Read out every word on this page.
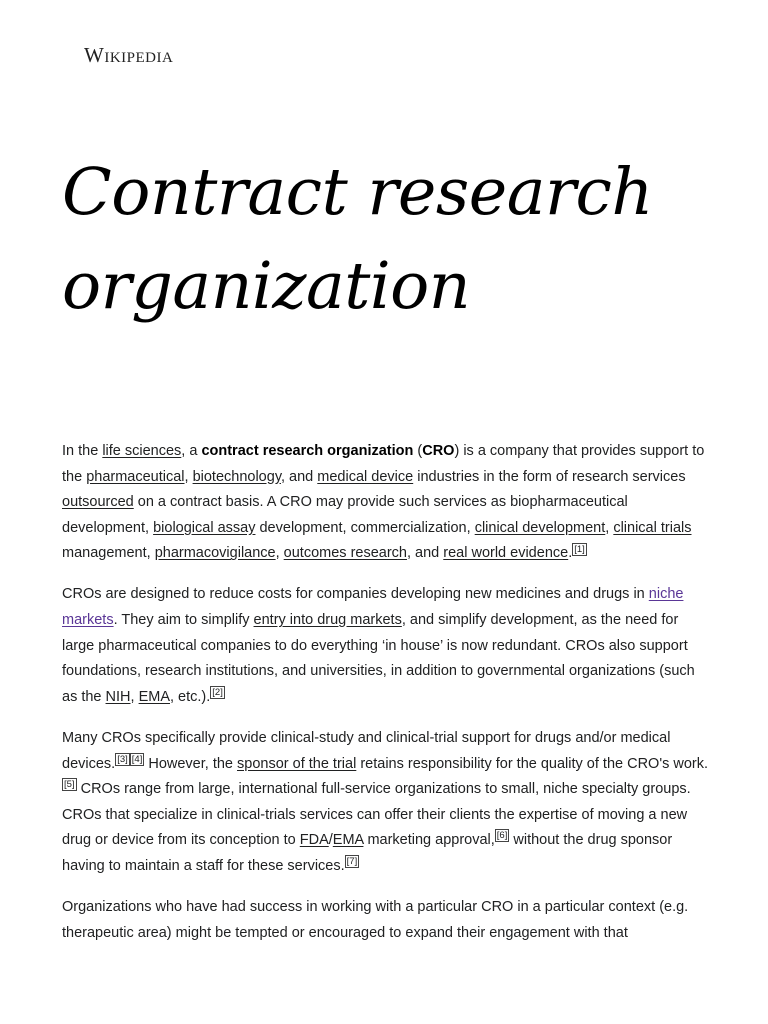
Wikipedia
Contract research organization

In the life sciences, a contract research organization (CRO) is a company that provides support to the pharmaceutical, biotechnology, and medical device industries in the form of research services outsourced on a contract basis. A CRO may provide such services as biopharmaceutical development, biological assay development, commercialization, clinical development, clinical trials management, pharmacovigilance, outcomes research, and real world evidence. [1]

CROs are designed to reduce costs for companies developing new medicines and drugs in niche markets. They aim to simplify entry into drug markets, and simplify development, as the need for large pharmaceutical companies to do everything ‘in house’ is now redundant. CROs also support foundations, research institutions, and universities, in addition to governmental organizations (such as the NIH, EMA, etc.). [2]

Many CROs specifically provide clinical-study and clinical-trial support for drugs and/or medical devices. [3] [4] However, the sponsor of the trial retains responsibility for the quality of the CRO's work.[5] CROs range from large, international full-service organizations to small, niche specialty groups. CROs that specialize in clinical-trials services can offer their clients the expertise of moving a new drug or device from its conception to FDA/EMA marketing approval, [6] without the drug sponsor having to maintain a staff for these services. [7]

Organizations who have had success in working with a particular CRO in a particular context (e.g. therapeutic area) might be tempted or encouraged to expand their engagement with that
